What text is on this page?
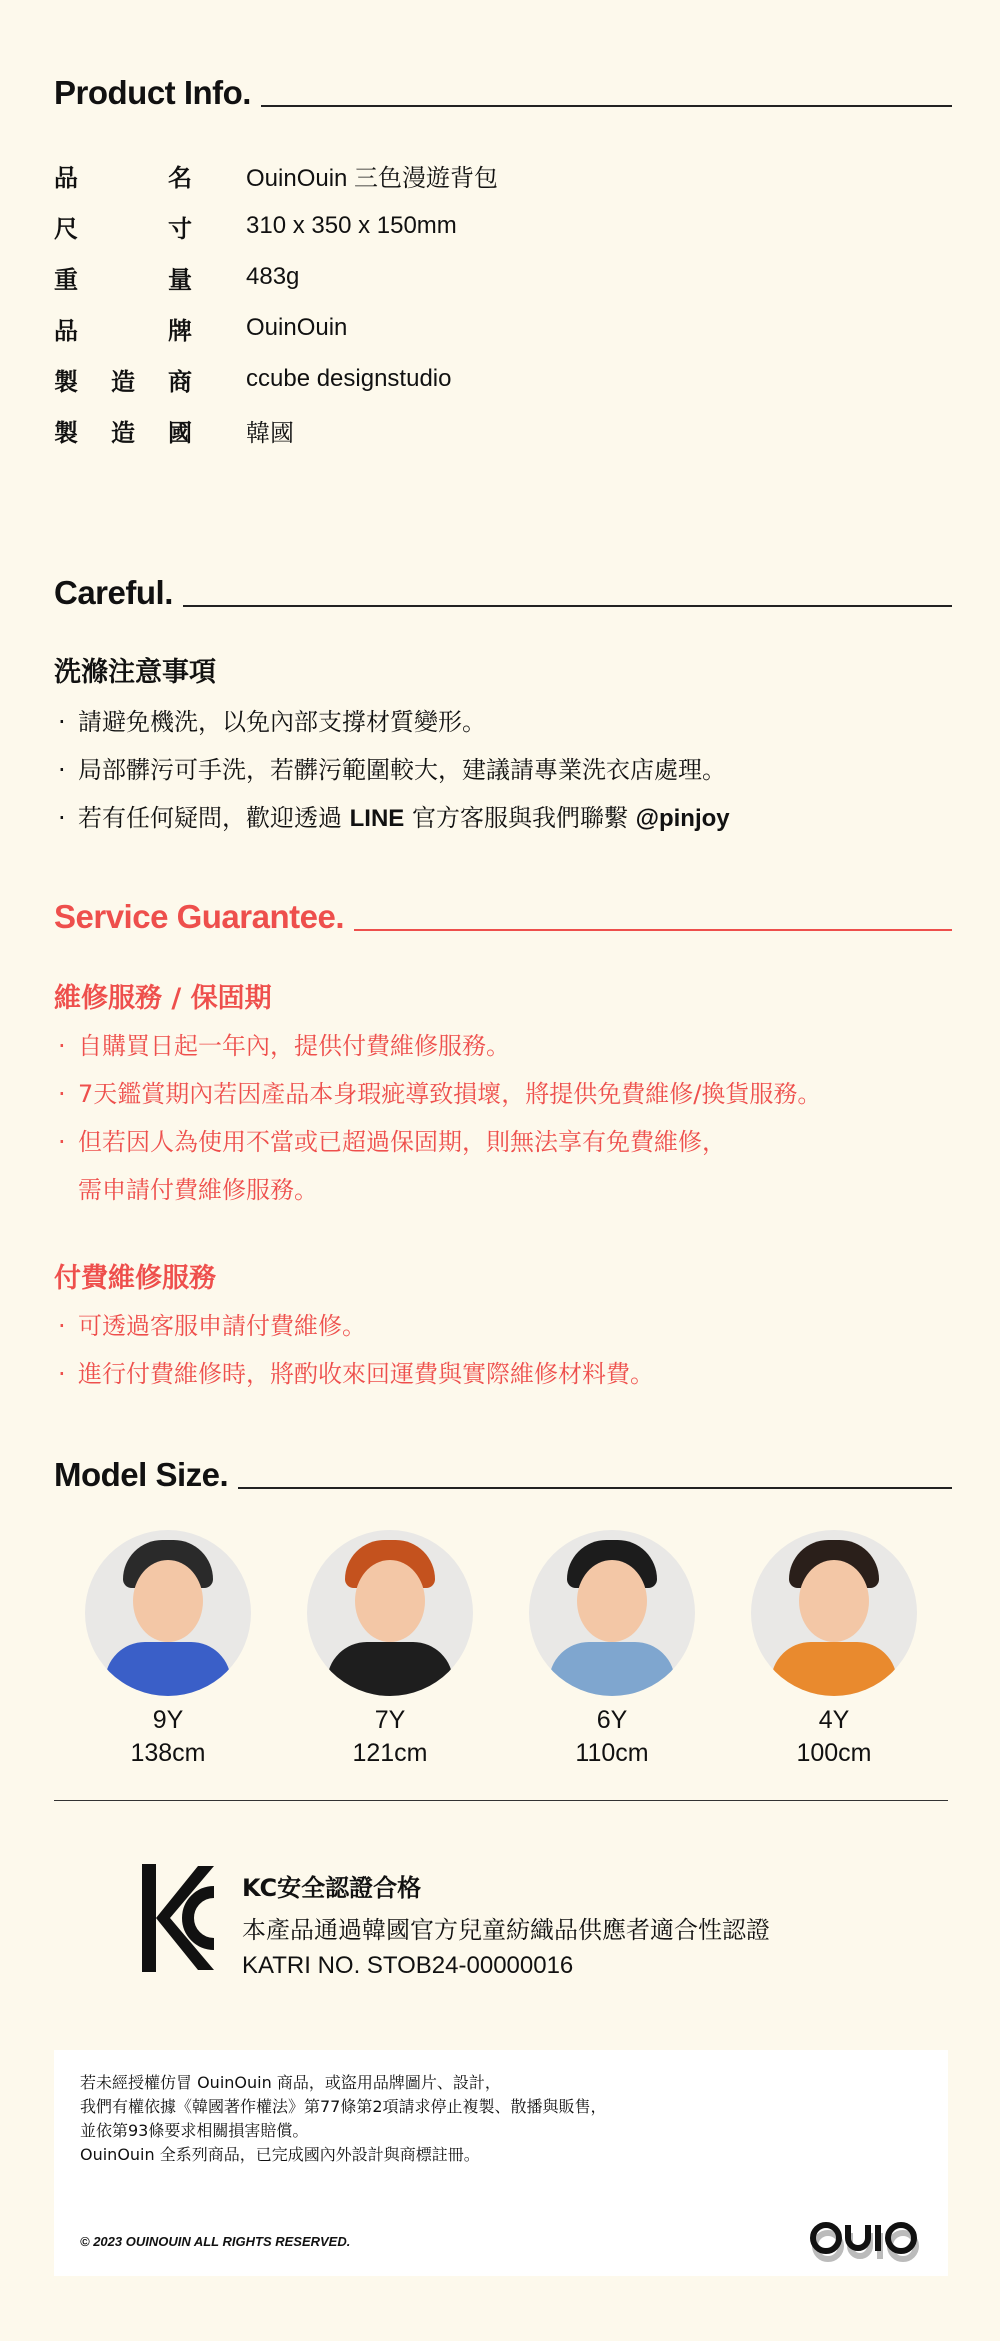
Product Info.
品	名 OuinOuin 三色漫遊背包
尺	寸 310 x 350 x 150mm
重	量 483g
品	牌 OuinOuin
製 造 商 ccube designstudio
製 造 國 韓國
Careful.
洗滌注意事項
· 請避免機洗，以免內部支撐材質變形。
· 局部髒污可手洗，若髒污範圍較大，建議請專業洗衣店處理。
· 若有任何疑問，歡迎透過 LINE 官方客服與我們聯繫 @pinjoy
Service Guarantee.
維修服務 / 保固期
· 自購買日起一年內，提供付費維修服務。
· 7天鑑賞期內若因產品本身瑕疵導致損壞，將提供免費維修/換貨服務。
· 但若因人為使用不當或已超過保固期，則無法享有免費維修，
需申請付費維修服務。
付費維修服務
· 可透過客服申請付費維修。
· 進行付費維修時，將酌收來回運費與實際維修材料費。
Model Size.
9Y
138cm
7Y
121cm
6Y
110cm
4Y
100cm
KC安全認證合格
本產品通過韓國官方兒童紡織品供應者適合性認證
KATRI NO. STOB24-00000016

若未經授權仿冒 OuinOuin 商品，或盜用品牌圖片、設計，

我們有權依據《韓國著作權法》第77條第2項請求停止複製、散播與販售，

並依第93條要求相關損害賠償。

OuinOuin 全系列商品，已完成國內外設計與商標註冊。

© 2023 OUINOUIN ALL RIGHTS RESERVED.
